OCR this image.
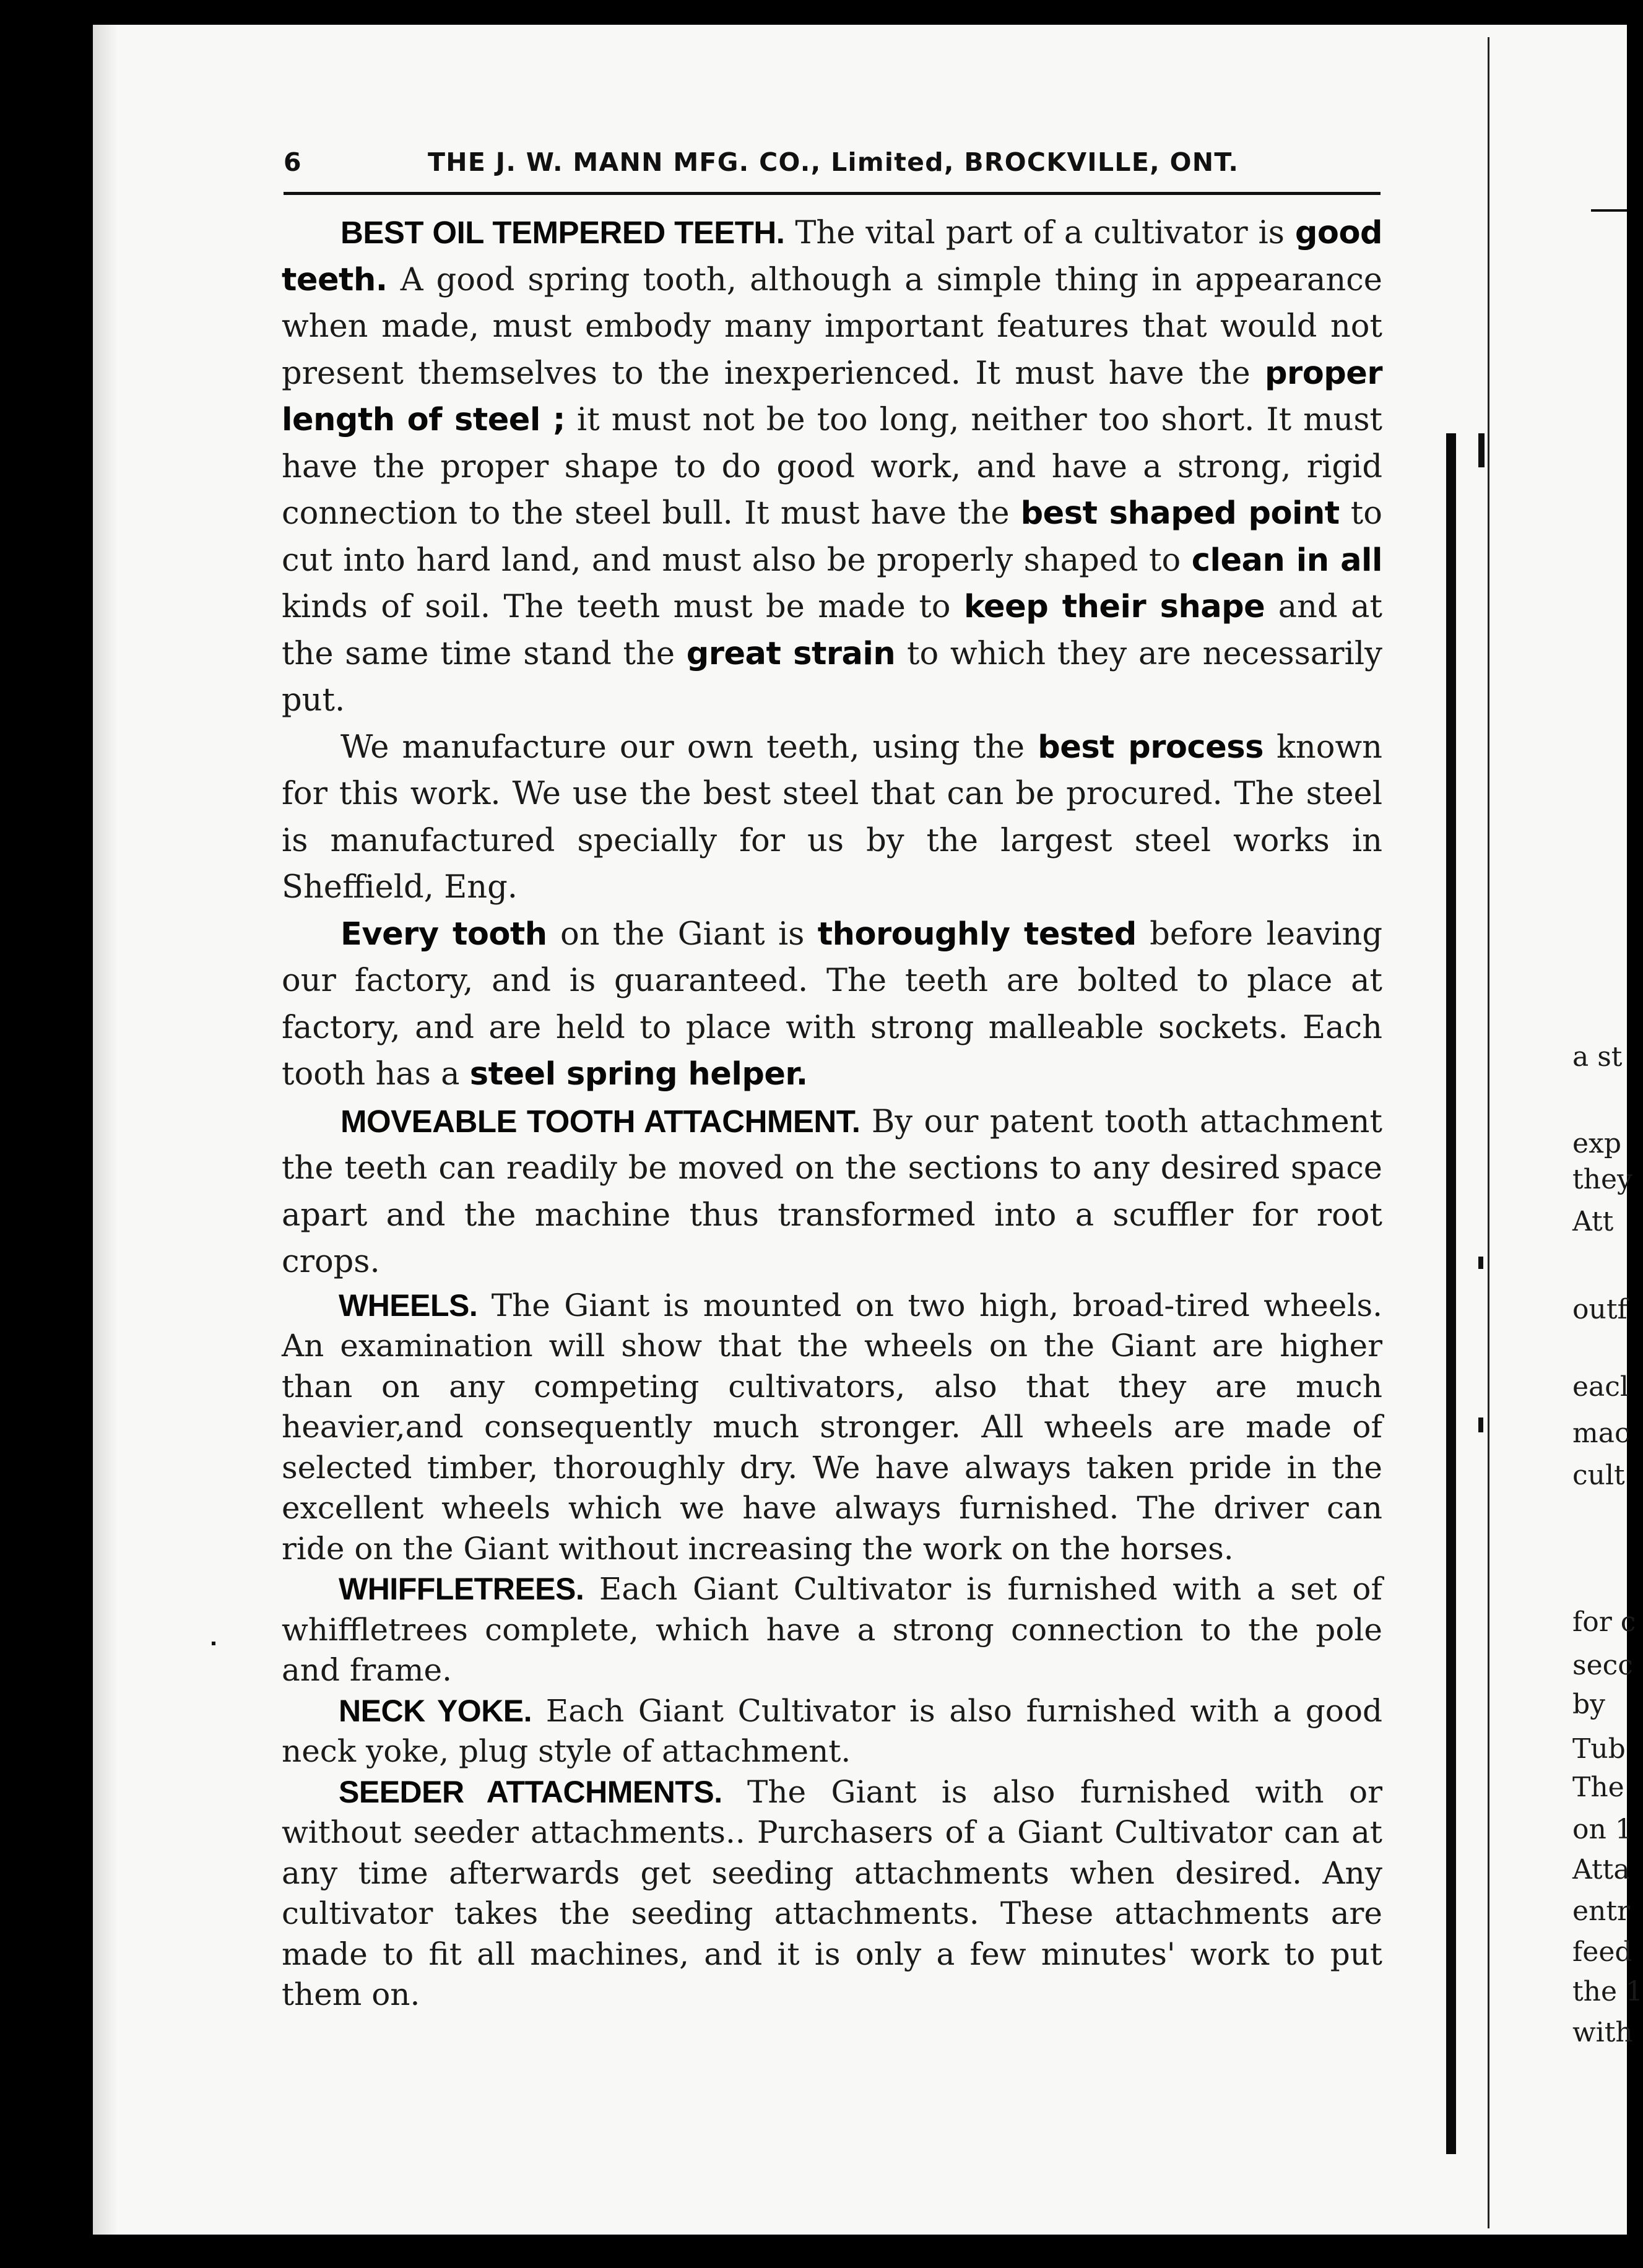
6	THE J. W. MANN MFG. CO., Limited, BROCKVILLE, ONT.

BEST OIL TEMPERED TEETH. The vital part of a cultivator is good teeth. A good spring tooth, although a simple thing in appearance when made, must embody many important features that would not present themselves to the inexperienced. It must have the proper length of steel ; it must not be too long, neither too short. It must have the proper shape to do good work, and have a strong, rigid connection to the steel bull. It must have the best shaped point to cut into hard land, and must also be properly shaped to clean in all kinds of soil. The teeth must be made to keep their shape and at the same time stand the great strain to which they are necessarily put.

We manufacture our own teeth, using the best process known for this work. We use the best steel that can be procured. The steel is manufactured specially for us by the largest steel works in Sheffield, Eng.

Every tooth on the Giant is thoroughly tested before leaving our factory, and is guaranteed. The teeth are bolted to place at factory, and are held to place with strong malleable sockets. Each tooth has a steel spring helper.

MOVEABLE TOOTH ATTACHMENT. By our patent tooth attachment the teeth can readily be moved on the sections to any desired space apart and the machine thus transformed into a scuffler for root crops.

WHEELS. The Giant is mounted on two high, broad-tired wheels. An examination will show that the wheels on the Giant are higher than on any competing cultivators, also that they are much heavier,and consequently much stronger. All wheels are made of selected timber, thoroughly dry. We have always taken pride in the excellent wheels which we have always furnished. The driver can ride on the Giant without increasing the work on the horses.

WHIFFLETREES. Each Giant Cultivator is furnished with a set of whiffletrees complete, which have a strong connection to the pole and frame.

NECK YOKE. Each Giant Cultivator is also furnished with a good neck yoke, plug style of attachment.

SEEDER ATTACHMENTS. The Giant is also furnished with or without seeder attachments.. Purchasers of a Giant Cultivator can at any time afterwards get seeding attachments when desired. Any cultivator takes the seeding attachments. These attachments are made to fit all machines, and it is only a few minutes' work to put them on.

a st
exp
they
Att
outf
eacl
mac
cult
for c
secc
by
Tub
The
on 1
Atta
entr
feed
the 1
with
